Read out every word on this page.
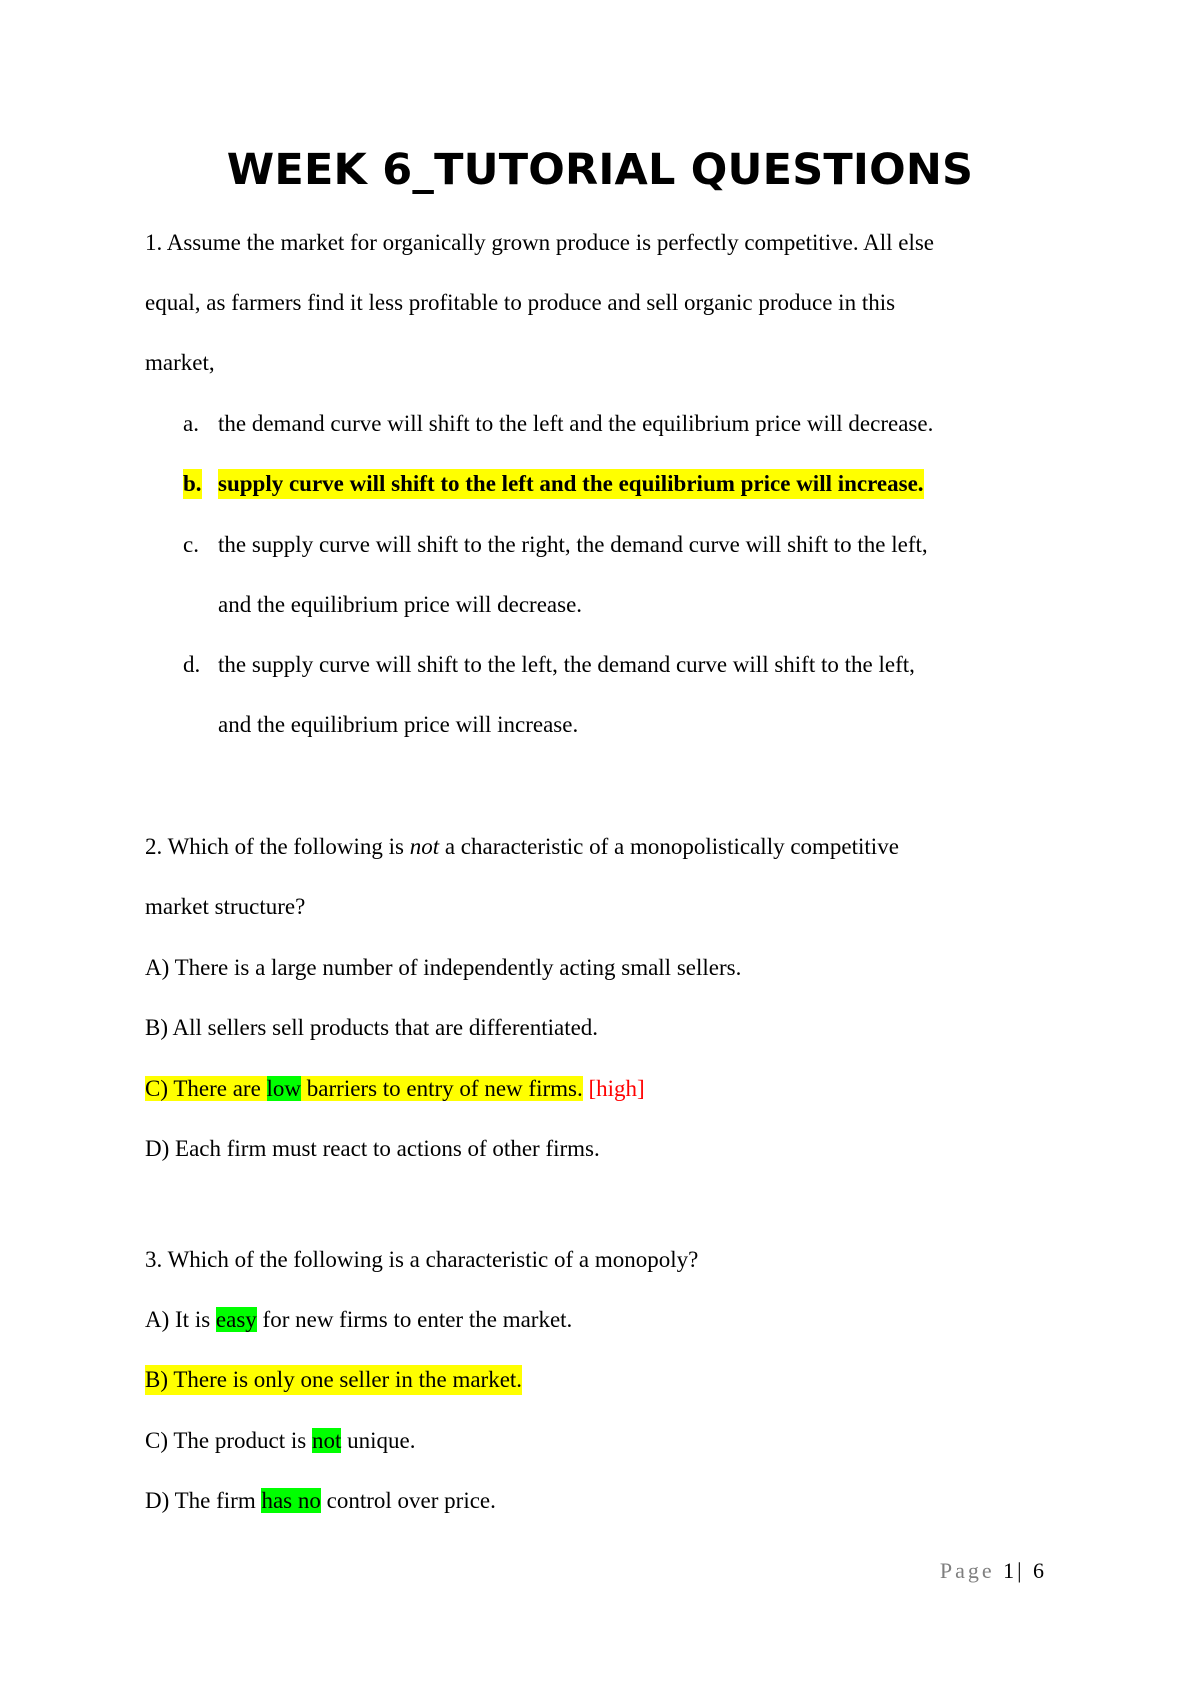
WEEK 6_TUTORIAL QUESTIONS
1. Assume the market for organically grown produce is perfectly competitive. All else
equal, as farmers find it less profitable to produce and sell organic produce in this
market,
a. the demand curve will shift to the left and the equilibrium price will decrease.
b. supply curve will shift to the left and the equilibrium price will increase.
c. the supply curve will shift to the right, the demand curve will shift to the left,
and the equilibrium price will decrease.
d. the supply curve will shift to the left, the demand curve will shift to the left,
and the equilibrium price will increase.
2. Which of the following is not a characteristic of a monopolistically competitive
market structure?
A) There is a large number of independently acting small sellers.
B) All sellers sell products that are differentiated.
C) There are low barriers to entry of new firms. [high]
D) Each firm must react to actions of other firms.
3. Which of the following is a characteristic of a monopoly?
A) It is easy for new firms to enter the market.
B) There is only one seller in the market.
C) The product is not unique.
D) The firm has no control over price.
Page 1| 6
